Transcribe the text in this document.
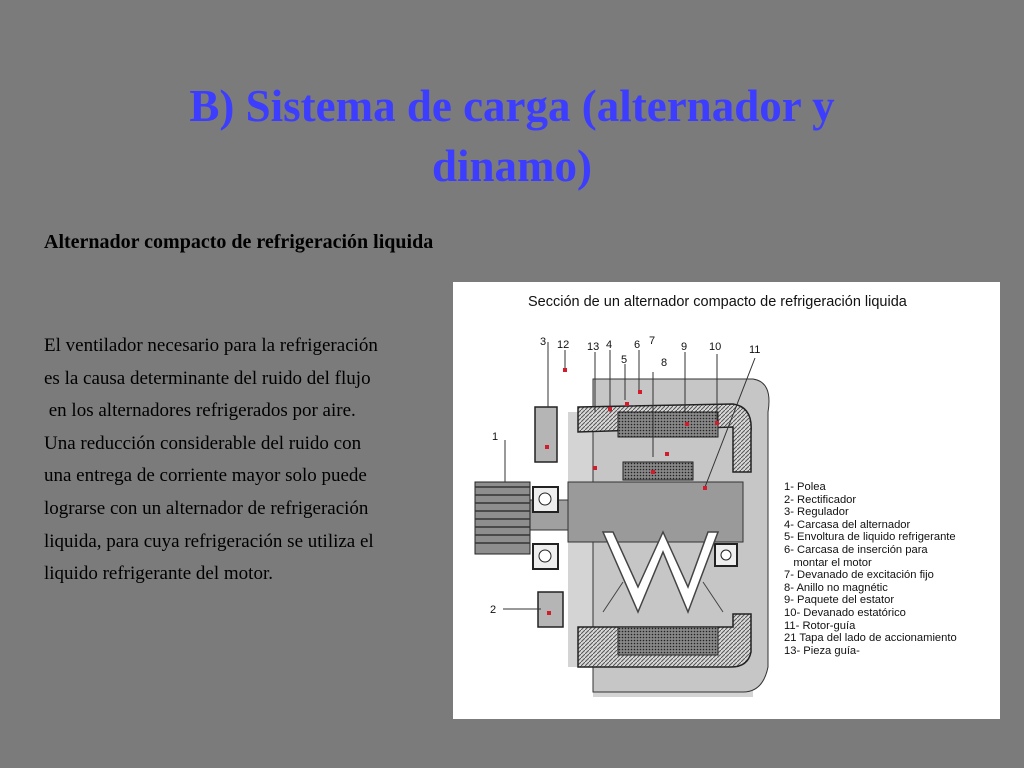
B) Sistema de carga (alternador y
dinamo)
Alternador compacto de refrigeración liquida

El ventilador necesario para la refrigeración

es la causa determinante del ruido del flujo

en los alternadores refrigerados por aire.

Una reducción considerable del ruido con

una entrega de corriente mayor solo puede

lograrse con un alternador de refrigeración

liquida, para cuya refrigeración se utiliza el

liquido refrigerante del motor.

Sección de un alternador compacto de refrigeración liquida

3 12 13 4 6 7
5	8
9 10	11
1
2
1- Polea
2- Rectificador
3- Regulador
4- Carcasa del alternador
5- Envoltura de liquido refrigerante
6- Carcasa de inserción para
montar el motor
7- Devanado de excitación fijo
8- Anillo no magnétic
9- Paquete del estator
10- Devanado estatórico
11- Rotor-guía
21 Tapa del lado de accionamiento
13- Pieza guía-
